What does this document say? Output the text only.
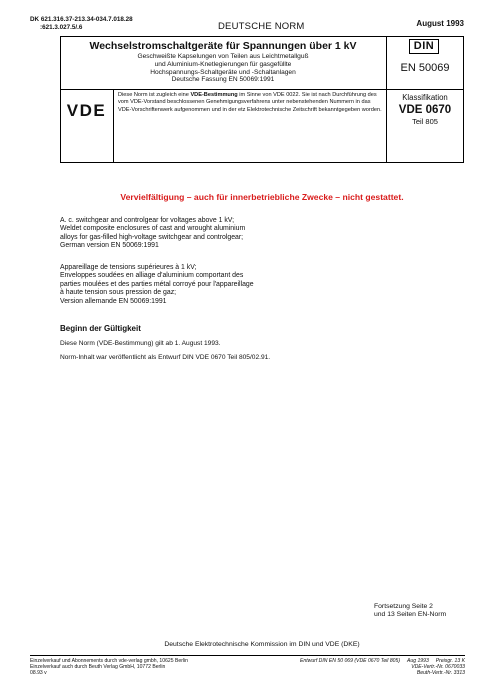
DK 621.316.37-213.34-034.7.018.28
:621.3.027.5/.6	DEUTSCHE NORM	August 1993
Wechselstromschaltgeräte für Spannungen über 1 kV
Geschweißte Kapselungen von Teilen aus Leichtmetallguß
und Aluminium-Knetlegierungen für gasgefüllte
Hochspannungs-Schaltgeräte und -Schaltanlagen
Deutsche Fassung EN 50069:1991
DIN
EN 50069
VDE
Diese Norm ist zugleich eine VDE-Bestimmung im Sinne von VDE 0022. Sie ist nach Durchführung des vom VDE-Vorstand beschlossenen Genehmigungsverfahrens unter nebenstehenden Nummern in das VDE-Vorschriftenwerk aufgenommen und in der etz Elektrotechnische Zeitschrift bekanntgegeben worden.
Klassifikation
VDE 0670
Teil 805
Vervielfältigung – auch für innerbetriebliche Zwecke – nicht gestattet.
A. c. switchgear and controlgear for voltages above 1 kV;
Weldet composite enclosures of cast and wrought aluminium
alloys for gas-filled high-voltage switchgear and controlgear;
German version EN 50069:1991
Appareillage de tensions supérieures à 1 kV;
Enveloppes soudées en alliage d'aluminium comportant des
parties moulées et des parties métal corroyé pour l'appareillage
à haute tension sous pression de gaz;
Version allemande EN 50069:1991
Beginn der Gültigkeit
Diese Norm (VDE-Bestimmung) gilt ab 1. August 1993.
Norm-Inhalt war veröffentlicht als Entwurf DIN VDE 0670 Teil 805/02.91.
Fortsetzung Seite 2
und 13 Seiten EN-Norm
Deutsche Elektrotechnische Kommission im DIN und VDE (DKE)
Einzelverkauf und Abonnements durch vde-verlag gmbh, 10625 Berlin
Einzelverkauf auch durch Beuth Verlag GmbH, 10772 Berlin
08.93 v
Entwurf DIN EN 50 069 (VDE 0670 Teil 805) Aug 1993 Preisgr. 13 K
VDE-Vertr.-Nr. 0670033
Beuth-Vertr.-Nr. 3313
